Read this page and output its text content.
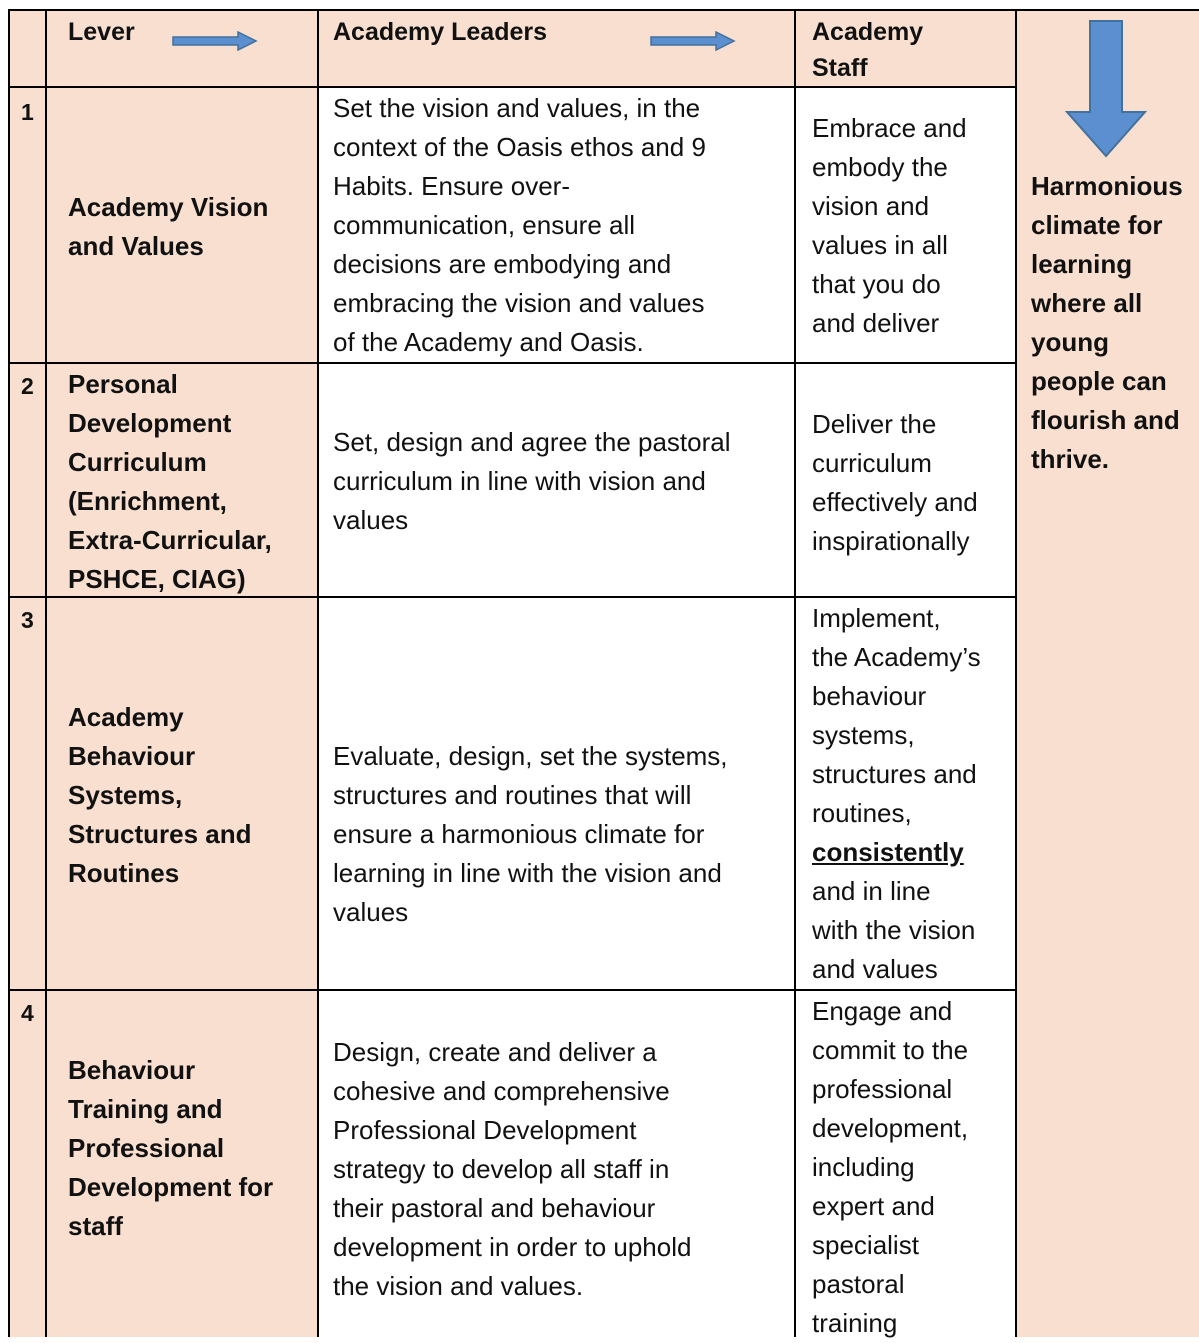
Lever	Academy Leaders	Academy
Staff
Harmonious
climate for
learning
where all
young
people can
flourish and
thrive.
1
Academy Vision
and Values
Set the vision and values, in the
context of the Oasis ethos and 9
Habits. Ensure over-
communication, ensure all
decisions are embodying and
embracing the vision and values
of the Academy and Oasis.
Embrace and
embody the
vision and
values in all
that you do
and deliver
2 Personal
Development
Curriculum
(Enrichment,
Extra-Curricular,
PSHCE, CIAG)
Set, design and agree the pastoral
curriculum in line with vision and
values
Deliver the
curriculum
effectively and
inspirationally
3
Academy
Behaviour
Systems,
Structures and
Routines
Evaluate, design, set the systems,
structures and routines that will
ensure a harmonious climate for
learning in line with the vision and
values
Implement,
the Academy’s
behaviour
systems,
structures and
routines,
consistently
and in line
with the vision
and values
4
Behaviour
Training and
Professional
Development for
staff
Design, create and deliver a
cohesive and comprehensive
Professional Development
strategy to develop all staff in
their pastoral and behaviour
development in order to uphold
the vision and values.
Engage and
commit to the
professional
development,
including
expert and
specialist
pastoral
training
